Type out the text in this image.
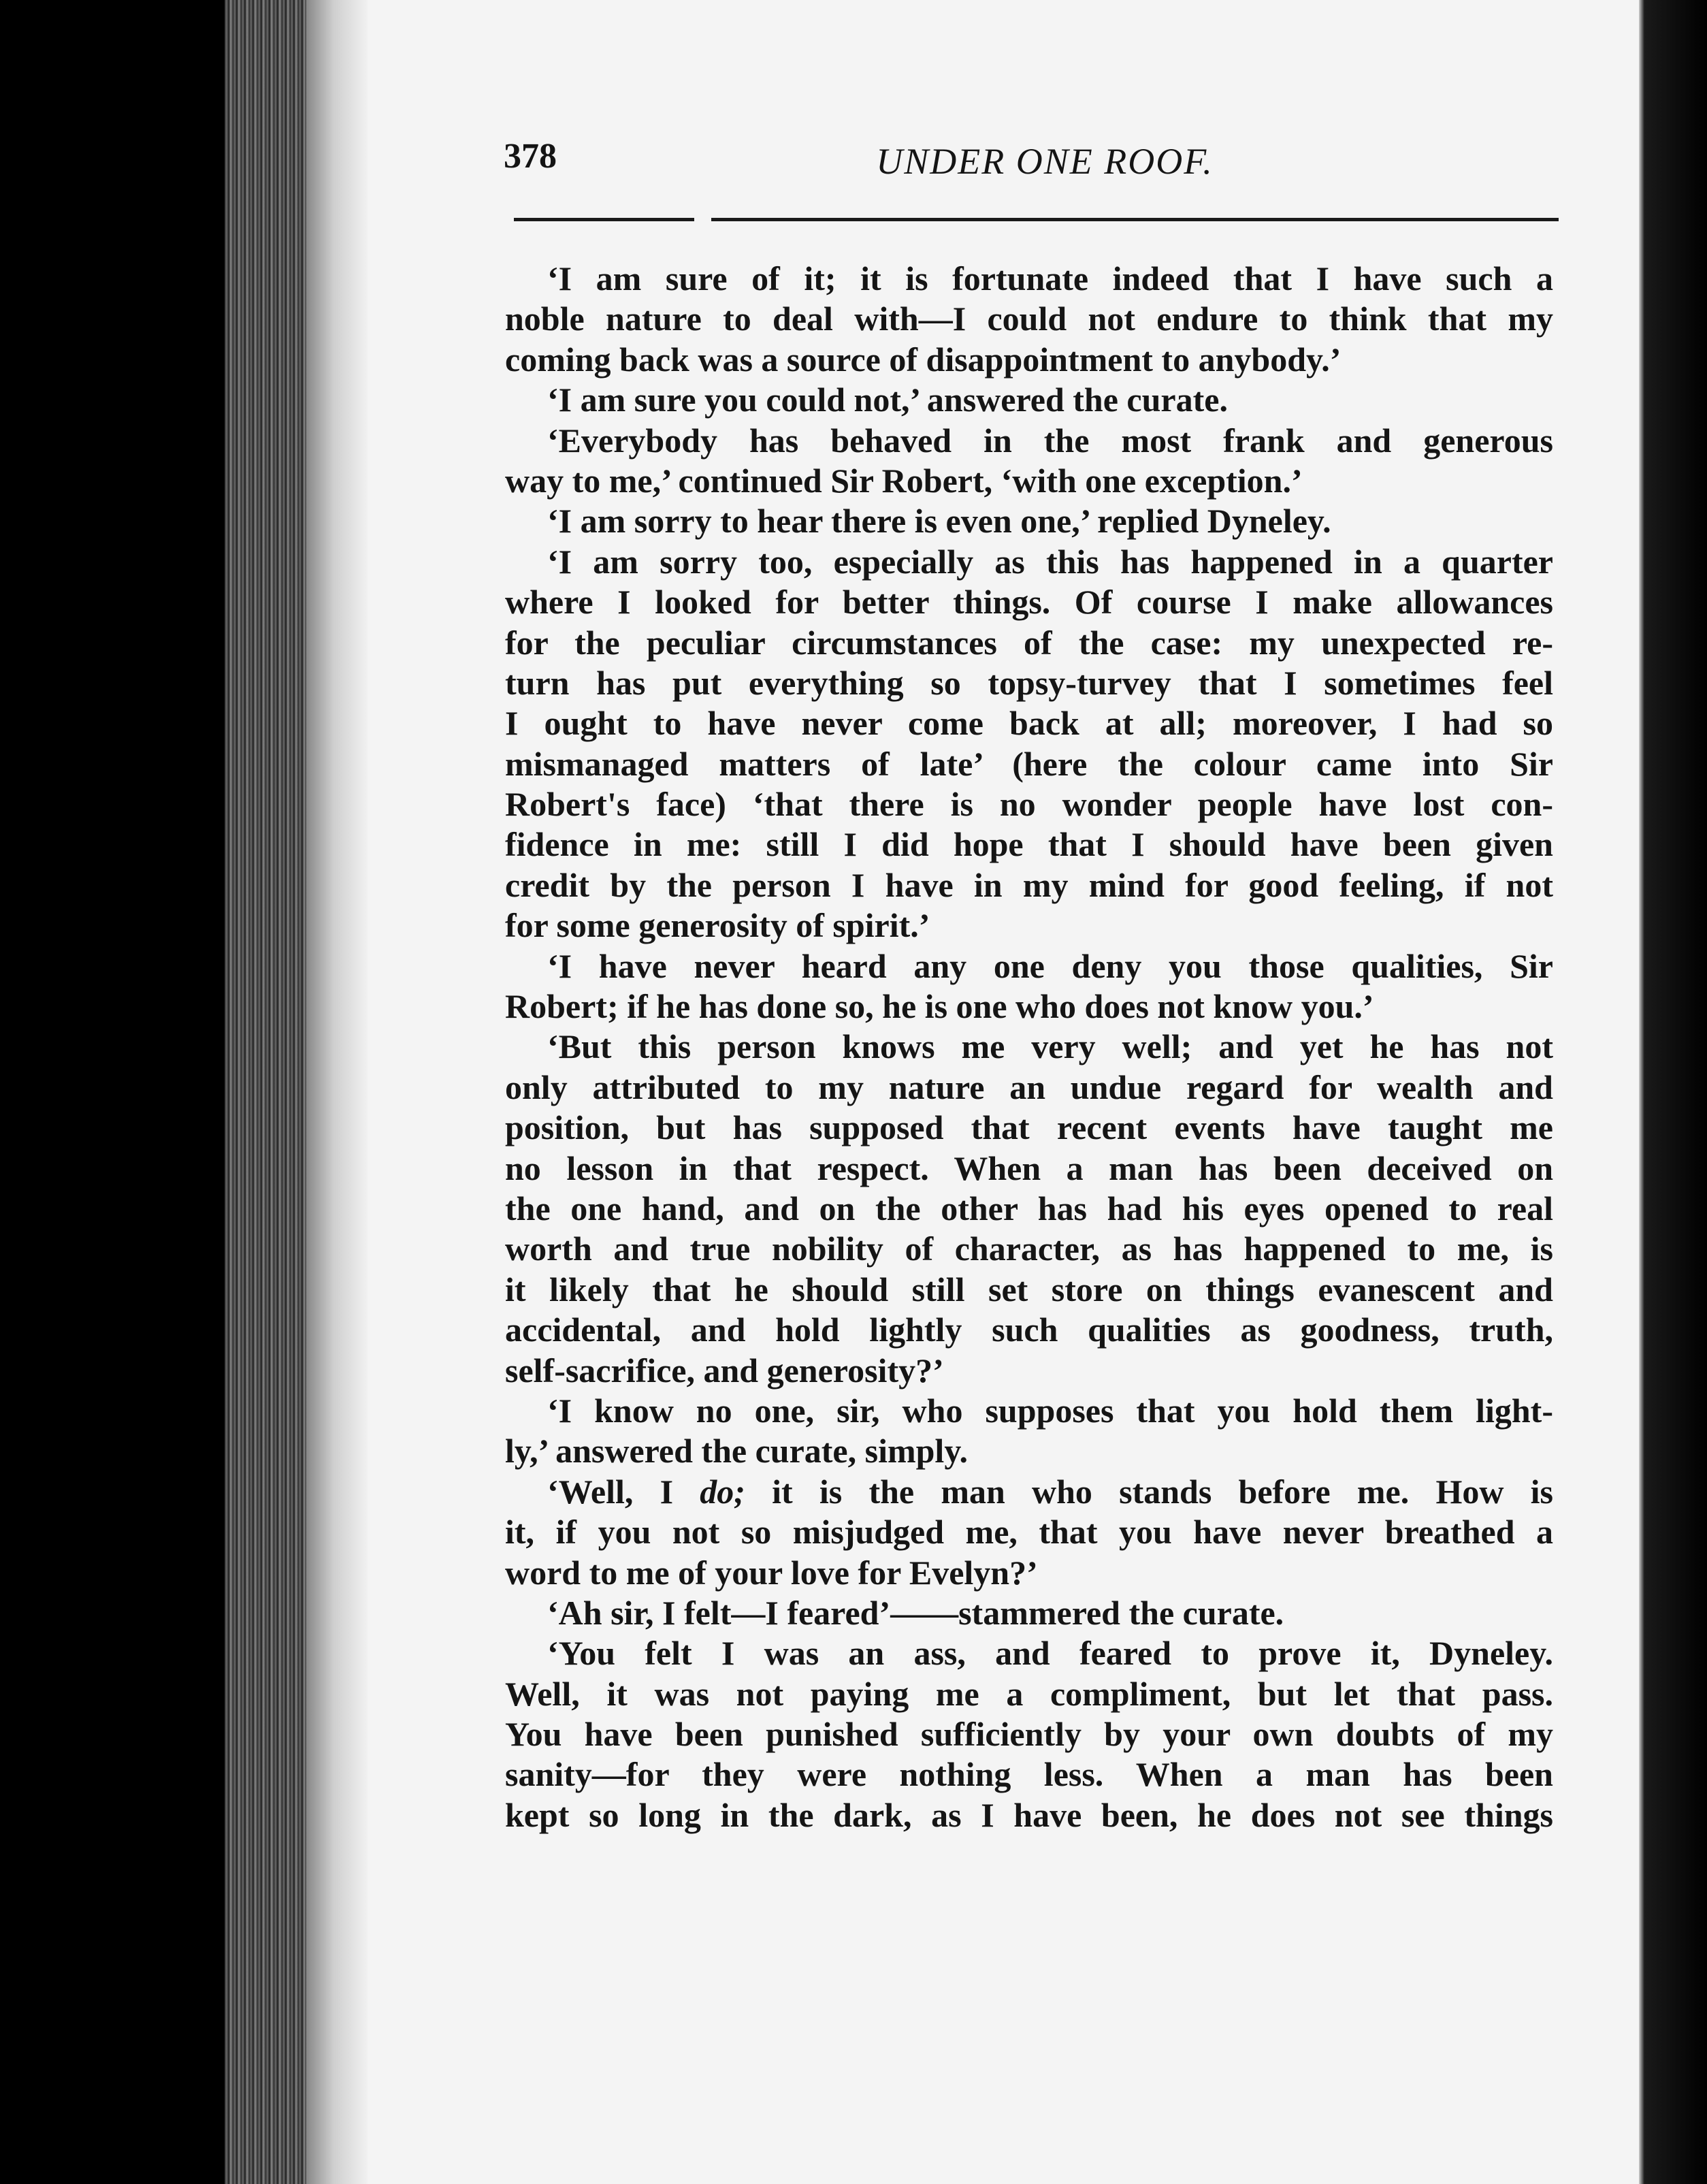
378	UNDER ONE ROOF.
‘I am sure of it; it is fortunate indeed that I have such a
noble nature to deal with—I could not endure to think that my
coming back was a source of disappointment to anybody.’
‘I am sure you could not,’ answered the curate.
‘Everybody has behaved in the most frank and generous
way to me,’ continued Sir Robert, ‘with one exception.’
‘I am sorry to hear there is even one,’ replied Dyneley.
‘I am sorry too, especially as this has happened in a quarter
where I looked for better things. Of course I make allowances
for the peculiar circumstances of the case: my unexpected re-
turn has put everything so topsy-turvey that I sometimes feel
I ought to have never come back at all; moreover, I had so
mismanaged matters of late’ (here the colour came into Sir
Robert's face) ‘that there is no wonder people have lost con-
fidence in me: still I did hope that I should have been given
credit by the person I have in my mind for good feeling, if not
for some generosity of spirit.’
‘I have never heard any one deny you those qualities, Sir
Robert; if he has done so, he is one who does not know you.’
‘But this person knows me very well; and yet he has not
only attributed to my nature an undue regard for wealth and
position, but has supposed that recent events have taught me
no lesson in that respect. When a man has been deceived on
the one hand, and on the other has had his eyes opened to real
worth and true nobility of character, as has happened to me, is
it likely that he should still set store on things evanescent and
accidental, and hold lightly such qualities as goodness, truth,
self-sacrifice, and generosity?’
‘I know no one, sir, who supposes that you hold them light-
ly,’ answered the curate, simply.
‘Well, I do; it is the man who stands before me. How is
it, if you not so misjudged me, that you have never breathed a
word to me of your love for Evelyn?’
‘Ah sir, I felt—I feared’——stammered the curate.
‘You felt I was an ass, and feared to prove it, Dyneley.
Well, it was not paying me a compliment, but let that pass.
You have been punished sufficiently by your own doubts of my
sanity—for they were nothing less. When a man has been
kept so long in the dark, as I have been, he does not see things
